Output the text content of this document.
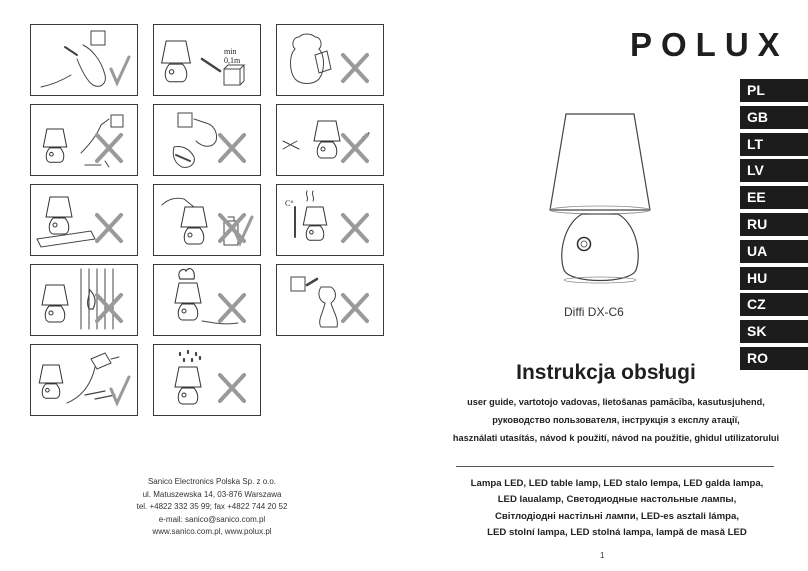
min
0,1m
C°
Sanico Electronics Polska Sp. z o.o.
ul. Matuszewska 14, 03-876 Warszawa
tel. +4822 332 35 99; fax +4822 744 20 52
e-mail: sanico@sanico.com.pl
www.sanico.com.pl, www.polux.pl
POLUX
PL
GB
LT
LV
EE
RU
UA
HU
CZ
SK
RO
Diffi DX-C6
Instrukcja obsługi
user guide, vartotojo vadovas, lietošanas pamācība, kasutusjuhend,
руководство пользователя, інструкція з експлу атації,
használati utasítás, návod k použití, návod na použitie, ghidul utilizatorului
Lampa LED, LED table lamp, LED stalo lempa, LED galda lampa,
LED laualamp, Светодиодные настольные лампы,
Світлодіодні настільні лампи, LED-es asztali lámpa,
LED stolní lampa, LED stolná lampa, lampă de masă LED
1
